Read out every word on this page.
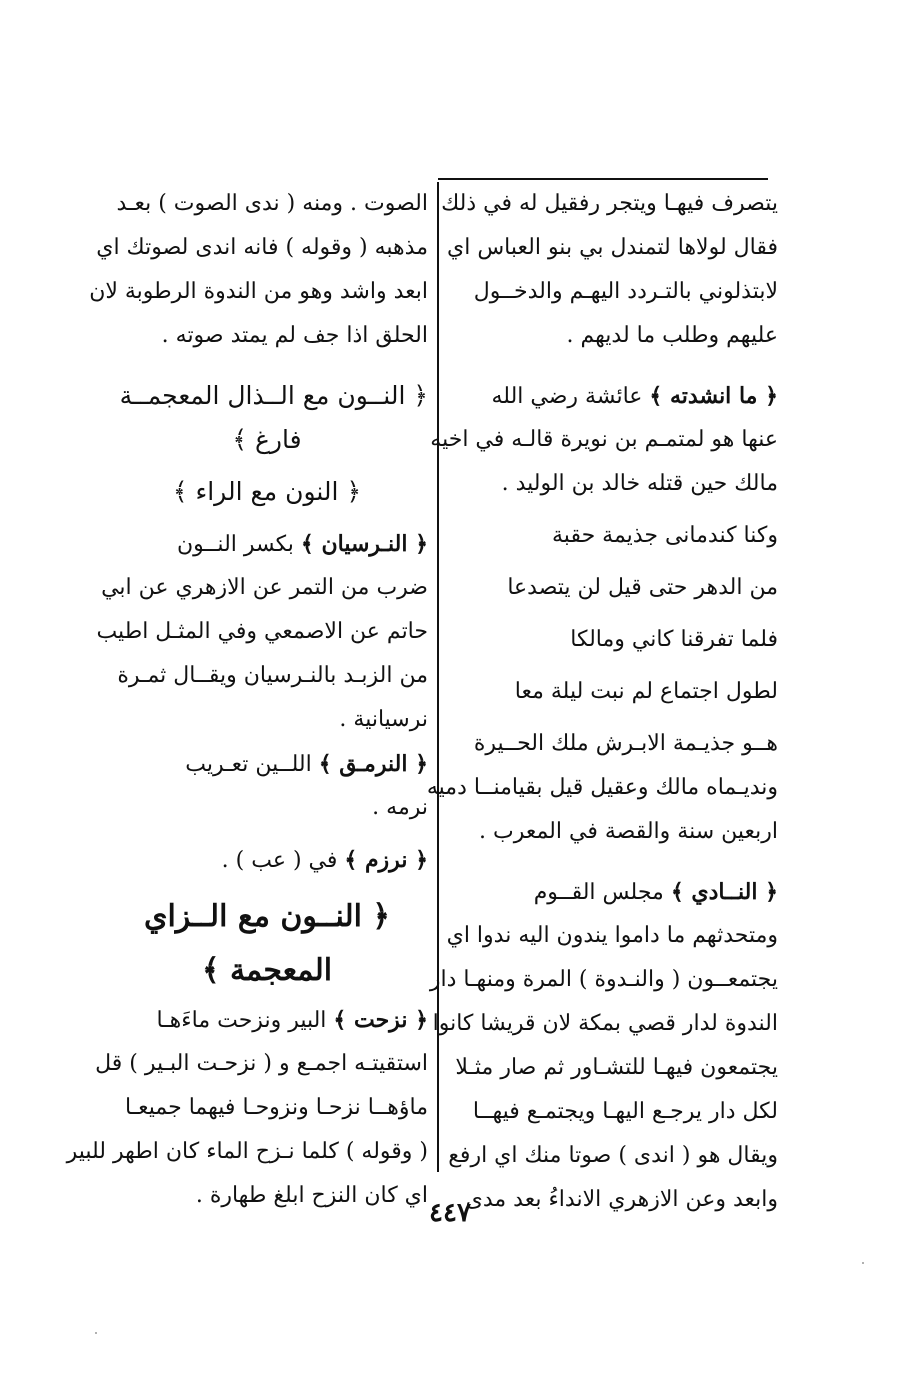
يتصرف فيهـا ويتجر رفقيل له في ذلك
فقال لولاها لتمندل بي بنو العباس اي
لابتذلوني بالتـردد اليهـم والدخــول
عليهم وطلب ما لديهم .
﴿ ما انشدته ﴾ عائشة رضي الله
عنها هو لمتمـم بن نويرة قالـه في اخيه
مالك حين قتله خالد بن الوليد .
وكنا كندمانى جذيمة حقبة
من الدهر حتى قيل لن يتصدعا
فلما تفرقنا كاني ومالكا
لطول اجتماع لم نبت ليلة معا
هــو جذيـمة الابـرش ملك الحــيرة
ونديـماه مالك وعقيل قيل بقيامنــا دميه
اربعين سنة والقصة في المعرب .
﴿ النــادي ﴾ مجلس القــوم
ومتحدثهم ما داموا يندون اليه ندوا اي
يجتمعــون ( والنـدوة ) المرة ومنهـا دار
الندوة لدار قصي بمكة لان قريشا كانوا
يجتمعون فيهـا للتشـاور ثم صار مثـلا
لكل دار يرجـع اليهـا ويجتمـع فيهــا
ويقال هو ( اندى ) صوتا منك اي ارفع
وابعد وعن الازهري الانداءُ بعد مدى
الصوت . ومنه ( ندى الصوت ) بعـد
مذهبه ( وقوله ) فانه اندى لصوتك اي
ابعد واشد وهو من الندوة الرطوبة لان
الحلق اذا جف لم يمتد صوته .
﴿ النــون مع الــذال المعجمــة
فارغ ﴾
﴿ النون مع الراء ﴾
﴿ النـرسيان ﴾ بكسر النــون
ضرب من التمر عن الازهري عن ابي
حاتم عن الاصمعي وفي المثـل اطيب
من الزبـد بالنـرسيان ويقــال ثمـرة
نرسيانية .
﴿ النرمـق ﴾ اللــين تعـريب
نرمه .
﴿ نرزم ﴾ في ( عب ) .
﴿ النــون مع الــزاي
المعجمة ﴾
﴿ نزحت ﴾ البير ونزحت ماءَهـا
استقيتـه اجمـع و ( نزحـت البـير ) قل
ماؤهــا نزحـا ونزوحـا فيهما جميعـا
( وقوله ) كلما نـزح الماء كان اطهر للبير
اي كان النزح ابلغ طهارة .
٤٤٧
